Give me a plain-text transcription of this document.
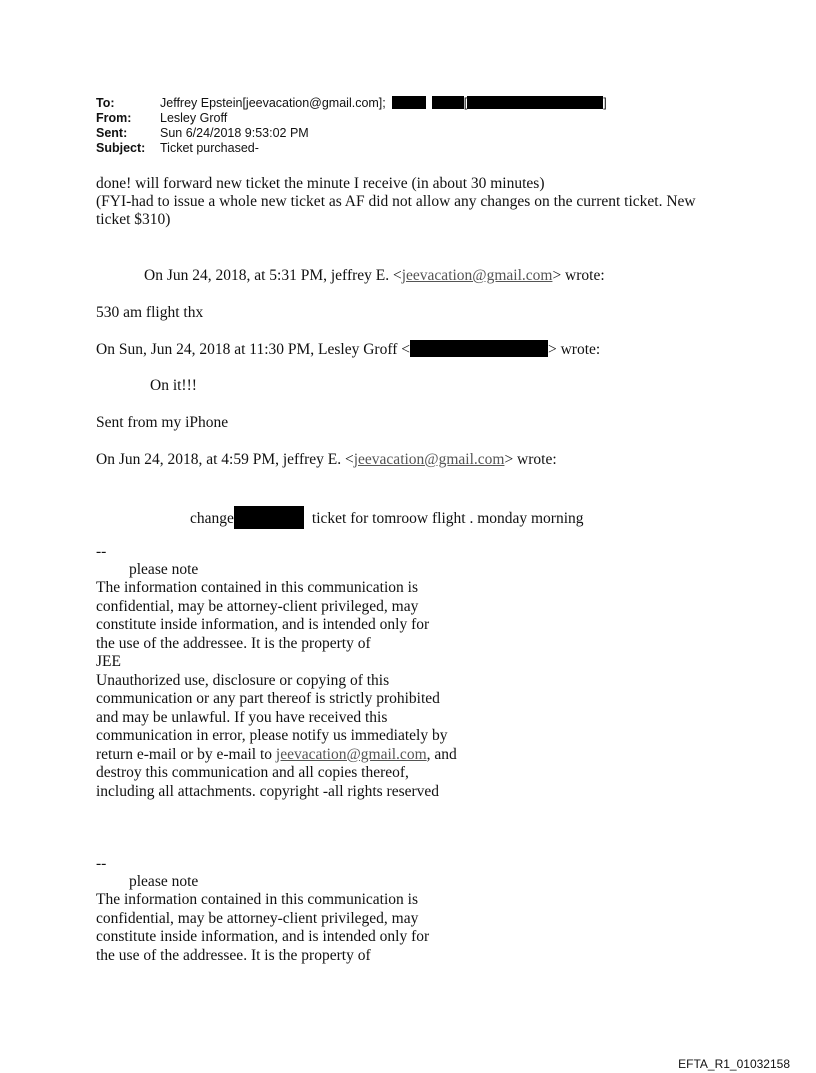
To:	Jeffrey Epstein[jeevacation@gmail.com];	[	]
From:	Lesley Groff
Sent:	Sun 6/24/2018 9:53:02 PM
Subject:	Ticket purchased-
done! will forward new ticket the minute I receive (in about 30 minutes)
(FYI-had to issue a whole new ticket as AF did not allow any changes on the current ticket. New
ticket $310)
On Jun 24, 2018, at 5:31 PM, jeffrey E. <jeevacation@gmail.com> wrote:
530 am flight thx
On Sun, Jun 24, 2018 at 11:30 PM, Lesley Groff <	> wrote:
On it!!!
Sent from my iPhone
On Jun 24, 2018, at 4:59 PM, jeffrey E. <jeevacation@gmail.com> wrote:
change	ticket for tomroow flight . monday morning
--
please note
The information contained in this communication is
confidential, may be attorney-client privileged, may
constitute inside information, and is intended only for
the use of the addressee. It is the property of
JEE
Unauthorized use, disclosure or copying of this
communication or any part thereof is strictly prohibited
and may be unlawful. If you have received this
communication in error, please notify us immediately by
return e-mail or by e-mail to jeevacation@gmail.com, and
destroy this communication and all copies thereof,
including all attachments. copyright -all rights reserved
--
please note
The information contained in this communication is
confidential, may be attorney-client privileged, may
constitute inside information, and is intended only for
the use of the addressee. It is the property of
EFTA_R1_01032158
